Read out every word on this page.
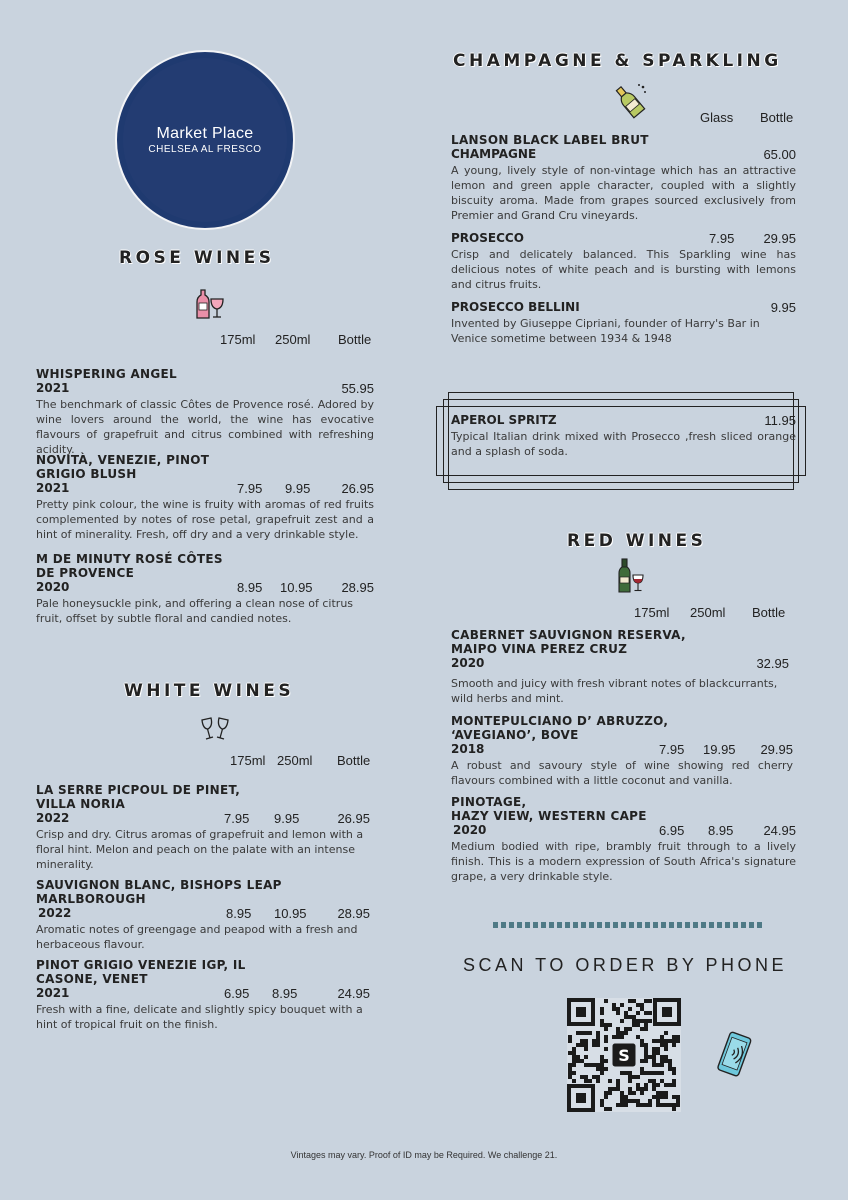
Market Place
CHELSEA AL FRESCO
ROSE WINES
175ml 250ml Bottle
WHISPERING ANGEL
2021	55.95
The benchmark of classic Côtes de Provence rosé. Adored by wine lovers around the world, the wine has evocative flavours of grapefruit and citrus combined with refreshing acidity.
NOVITÀ, VENEZIE, PINOT
GRIGIO BLUSH
2021	7.95 9.95 26.95
Pretty pink colour, the wine is fruity with aromas of red fruits complemented by notes of rose petal, grapefruit zest and a hint of minerality. Fresh, off dry and a very drinkable style.
M DE MINUTY ROSÉ CÔTES
DE PROVENCE
2020	8.95 10.95 28.95
Pale honeysuckle pink, and offering a clean nose of citrus fruit, offset by subtle floral and candied notes.
WHITE WINES
175ml 250ml Bottle
LA SERRE PICPOUL DE PINET,
VILLA NORIA
2022	7.95 9.95	26.95
Crisp and dry. Citrus aromas of grapefruit and lemon with a floral hint. Melon and peach on the palate with an intense minerality.
SAUVIGNON BLANC, BISHOPS LEAP
MARLBOROUGH
2022	8.95 10.95 28.95
Aromatic notes of greengage and peapod with a fresh and herbaceous flavour.
PINOT GRIGIO VENEZIE IGP, IL
CASONE, VENET
2021	6.95 8.95	24.95
Fresh with a fine, delicate and slightly spicy bouquet with a hint of tropical fruit on the finish.
CHAMPAGNE & SPARKLING
Glass Bottle
LANSON BLACK LABEL BRUT
CHAMPAGNE	65.00
A young, lively style of non-vintage which has an attractive lemon and green apple character, coupled with a slightly biscuity aroma. Made from grapes sourced exclusively from Premier and Grand Cru vineyards.
PROSECCO	7.95 29.95
Crisp and delicately balanced. This Sparkling wine has delicious notes of white peach and is bursting with lemons and citrus fruits.
PROSECCO BELLINI	9.95
Invented by Giuseppe Cipriani, founder of Harry's Bar in Venice sometime between 1934 & 1948
APEROL SPRITZ	11.95
Typical Italian drink mixed with Prosecco ,fresh sliced orange and a splash of soda.
RED WINES
175ml 250ml Bottle
CABERNET SAUVIGNON RESERVA,
MAIPO VINA PEREZ CRUZ
2020	32.95
Smooth and juicy with fresh vibrant notes of blackcurrants, wild herbs and mint.
MONTEPULCIANO D’ ABRUZZO,
‘AVEGIANO’, BOVE
2018	7.95 19.95 29.95
A robust and savoury style of wine showing red cherry flavours combined with a little coconut and vanilla.
PINOTAGE,
HAZY VIEW, WESTERN CAPE
2020	6.95 8.95 24.95
Medium bodied with ripe, brambly fruit through to a lively finish. This is a modern expression of South Africa's signature grape, a very drinkable style.
SCAN TO ORDER BY PHONE
S
Vintages may vary. Proof of ID may be Required. We challenge 21.
